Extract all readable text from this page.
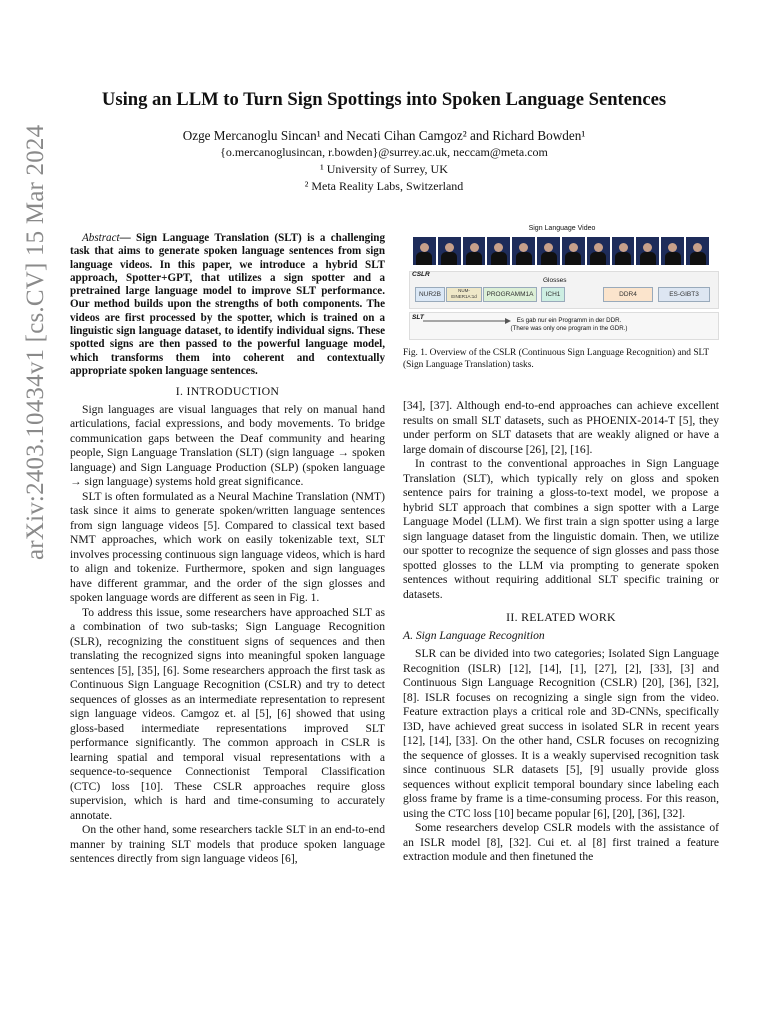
arXiv:2403.10434v1 [cs.CV] 15 Mar 2024
Using an LLM to Turn Sign Spottings into Spoken Language Sentences
Ozge Mercanoglu Sincan¹ and Necati Cihan Camgoz² and Richard Bowden¹
{o.mercanoglusincan, r.bowden}@surrey.ac.uk, neccam@meta.com
¹ University of Surrey, UK
² Meta Reality Labs, Switzerland

Abstract— Sign Language Translation (SLT) is a challenging task that aims to generate spoken language sentences from sign language videos. In this paper, we introduce a hybrid SLT approach, Spotter+GPT, that utilizes a sign spotter and a pretrained large language model to improve SLT performance. Our method builds upon the strengths of both components. The videos are first processed by the spotter, which is trained on a linguistic sign language dataset, to identify individual signs. These spotted signs are then passed to the powerful language model, which transforms them into coherent and contextually appropriate spoken language sentences.

I. INTRODUCTION

Sign languages are visual languages that rely on manual hand articulations, facial expressions, and body movements. To bridge communication gaps between the Deaf community and hearing people, Sign Language Translation (SLT) (sign language → spoken language) and Sign Language Production (SLP) (spoken language → sign language) systems hold great significance.

SLT is often formulated as a Neural Machine Translation (NMT) task since it aims to generate spoken/written language sentences from sign language videos [5]. Compared to classical text based NMT approaches, which work on easily tokenizable text, SLT involves processing continuous sign language videos, which is hard to align and tokenize. Furthermore, spoken and sign languages have different grammar, and the order of the sign glosses and spoken language words are different as seen in Fig. 1.

To address this issue, some researchers have approached SLT as a combination of two sub-tasks; Sign Language Recognition (SLR), recognizing the constituent signs of sequences and then translating the recognized signs into meaningful spoken language sentences [5], [35], [6]. Some researchers approach the first task as Continuous Sign Language Recognition (CSLR) and try to detect sequences of glosses as an intermediate representation to represent sign language videos. Camgoz et. al [5], [6] showed that using gloss-based intermediate representations improved SLT performance significantly. The common approach in CSLR is learning spatial and temporal visual representations with a sequence-to-sequence Connectionist Temporal Classification (CTC) loss [10]. These CSLR approaches require gloss supervision, which is hard and time-consuming to accurately annotate.

On the other hand, some researchers tackle SLT in an end-to-end manner by training SLT models that produce spoken language sentences directly from sign language videos [6],

Sign Language Video
CSLR
Glosses
NUR2B
NUM-EINER1A:1d	PROGRAMM1A	ICH1	DDR4	ES-GIBT3
SLT	Es gab nur ein Programm in der DDR.
(There was only one program in the GDR.)
Fig. 1. Overview of the CSLR (Continuous Sign Language Recognition) and SLT (Sign Language Translation) tasks.

[34], [37]. Although end-to-end approaches can achieve excellent results on small SLT datasets, such as PHOENIX-2014-T [5], they under perform on SLT datasets that are weakly aligned or have a large domain of discourse [26], [2], [16].

In contrast to the conventional approaches in Sign Language Translation (SLT), which typically rely on gloss and spoken sentence pairs for training a gloss-to-text model, we propose a hybrid SLT approach that combines a sign spotter with a Large Language Model (LLM). We first train a sign spotter using a large sign language dataset from the linguistic domain. Then, we utilize our spotter to recognize the sequence of sign glosses and pass those spotted glosses to the LLM via prompting to generate spoken sentences without requiring additional SLT specific training or datasets.

II. RELATED WORK
A. Sign Language Recognition

SLR can be divided into two categories; Isolated Sign Language Recognition (ISLR) [12], [14], [1], [27], [2], [33], [3] and Continuous Sign Language Recognition (CSLR) [20], [36], [32], [8]. ISLR focuses on recognizing a single sign from the video. Feature extraction plays a critical role and 3D-CNNs, specifically I3D, have achieved great success in isolated SLR in recent years [12], [14], [33]. On the other hand, CSLR focuses on recognizing the sequence of glosses. It is a weakly supervised recognition task since continuous SLR datasets [5], [9] usually provide gloss sequences without explicit temporal boundary since labeling each gloss frame by frame is a time-consuming process. For this reason, using the CTC loss [10] became popular [6], [20], [36], [32].

Some researchers develop CSLR models with the assistance of an ISLR model [8], [32]. Cui et. al [8] first trained a feature extraction module and then finetuned the
